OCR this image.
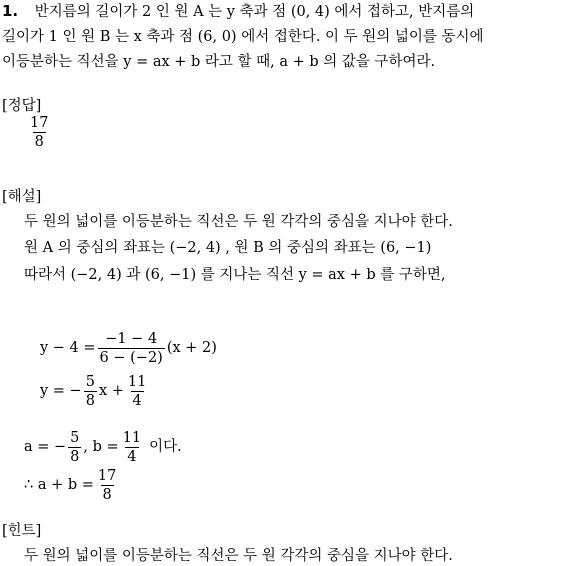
1. 반지름의 길이가 2 인 원 A 는 y 축과 점 (0, 4) 에서 접하고, 반지름의
길이가 1 인 원 B 는 x 축과 점 (6, 0) 에서 접한다. 이 두 원의 넓이를 동시에
이등분하는 직선을 y = ax + b 라고 할 때, a + b 의 값을 구하여라.
[정답]
$\frac{17}{8}$
[해설]
두 원의 넓이를 이등분하는 직선은 두 원 각각의 중심을 지나야 한다.
원 A 의 중심의 좌표는 (−2, 4) , 원 B 의 중심의 좌표는 (6, −1)
따라서 (−2, 4) 과 (6, −1) 를 지나는 직선 y = ax + b 를 구하면,
$y - 4 = \frac{-1 - 4}{6 - (-2)} (x + 2)$
y = − $\frac{5}{8}$ $x + \frac{11}{4}$
a = − $\frac{5}{8}$ , $b = \frac{11}{4}$ 이다.
∴ $a + b = \frac{17}{8}$
[힌트]
두 원의 넓이를 이등분하는 직선은 두 원 각각의 중심을 지나야 한다.
